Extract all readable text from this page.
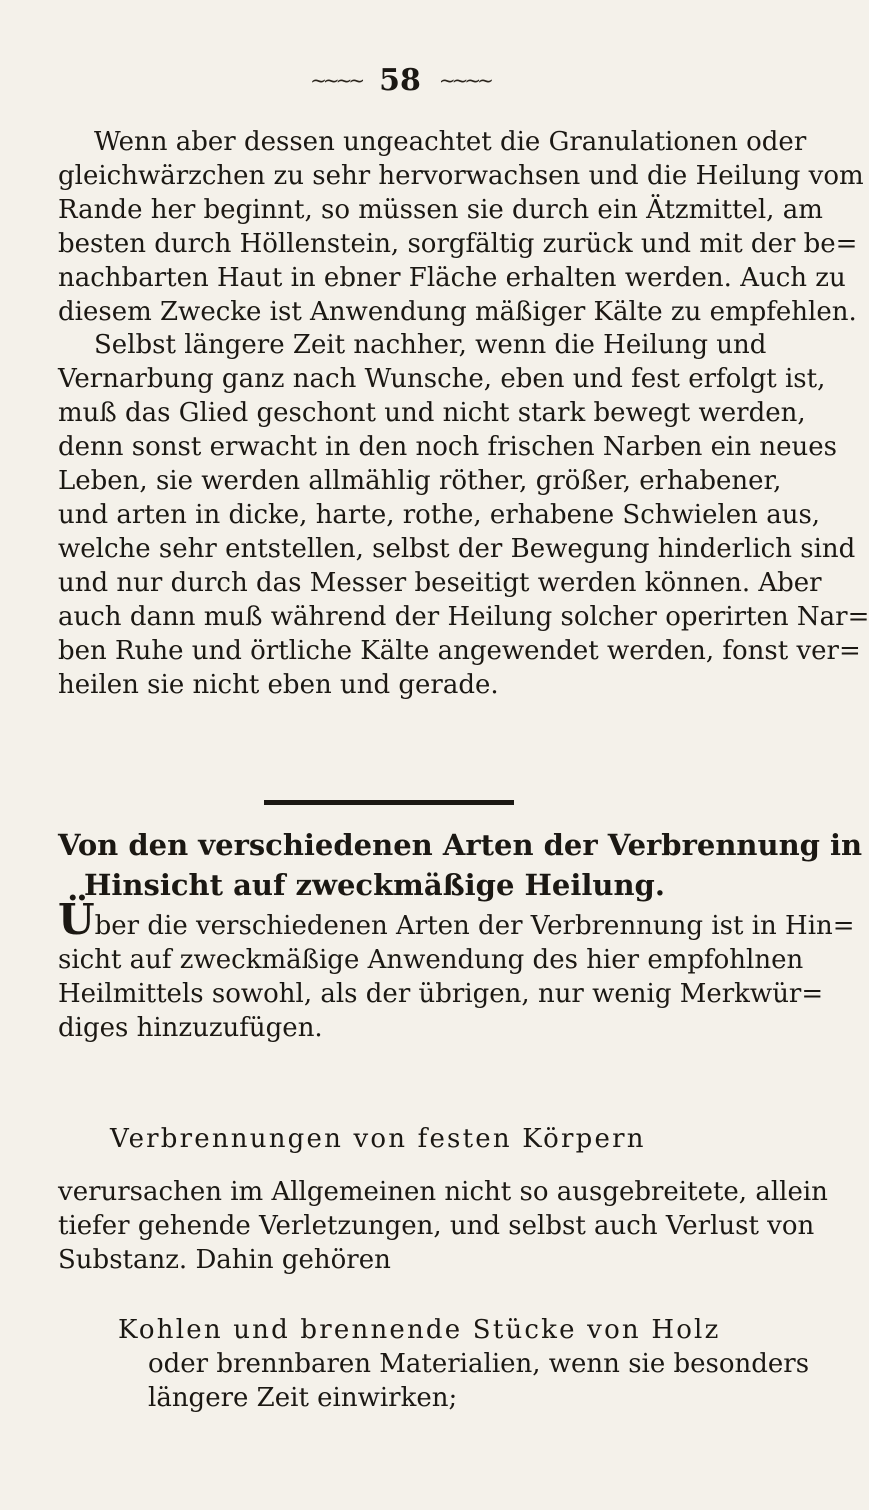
~~~~ 58 ~~~~
Wenn aber dessen ungeachtet die Granulationen oder
gleichwärzchen zu sehr hervorwachsen und die Heilung vom
Rande her beginnt, so müssen sie durch ein Ätzmittel, am
besten durch Höllenstein, sorgfältig zurück und mit der be=
nachbarten Haut in ebner Fläche erhalten werden. Auch zu
diesem Zwecke ist Anwendung mäßiger Kälte zu empfehlen.
Selbst längere Zeit nachher, wenn die Heilung und
Vernarbung ganz nach Wunsche, eben und fest erfolgt ist,
muß das Glied geschont und nicht stark bewegt werden,
denn sonst erwacht in den noch frischen Narben ein neues
Leben, sie werden allmählig röther, größer, erhabener,
und arten in dicke, harte, rothe, erhabene Schwielen aus,
welche sehr entstellen, selbst der Bewegung hinderlich sind
und nur durch das Messer beseitigt werden können. Aber
auch dann muß während der Heilung solcher operirten Nar=
ben Ruhe und örtliche Kälte angewendet werden, fonst ver=
heilen sie nicht eben und gerade.
Von den verschiedenen Arten der Verbrennung in
Hinsicht auf zweckmäßige Heilung.
Über die verschiedenen Arten der Verbrennung ist in Hin=
sicht auf zweckmäßige Anwendung des hier empfohlnen
Heilmittels sowohl, als der übrigen, nur wenig Merkwür=
diges hinzuzufügen.
Verbrennungen von festen Körpern
verursachen im Allgemeinen nicht so ausgebreitete, allein
tiefer gehende Verletzungen, und selbst auch Verlust von
Substanz. Dahin gehören
Kohlen und brennende Stücke von Holz
oder brennbaren Materialien, wenn sie besonders
längere Zeit einwirken;
